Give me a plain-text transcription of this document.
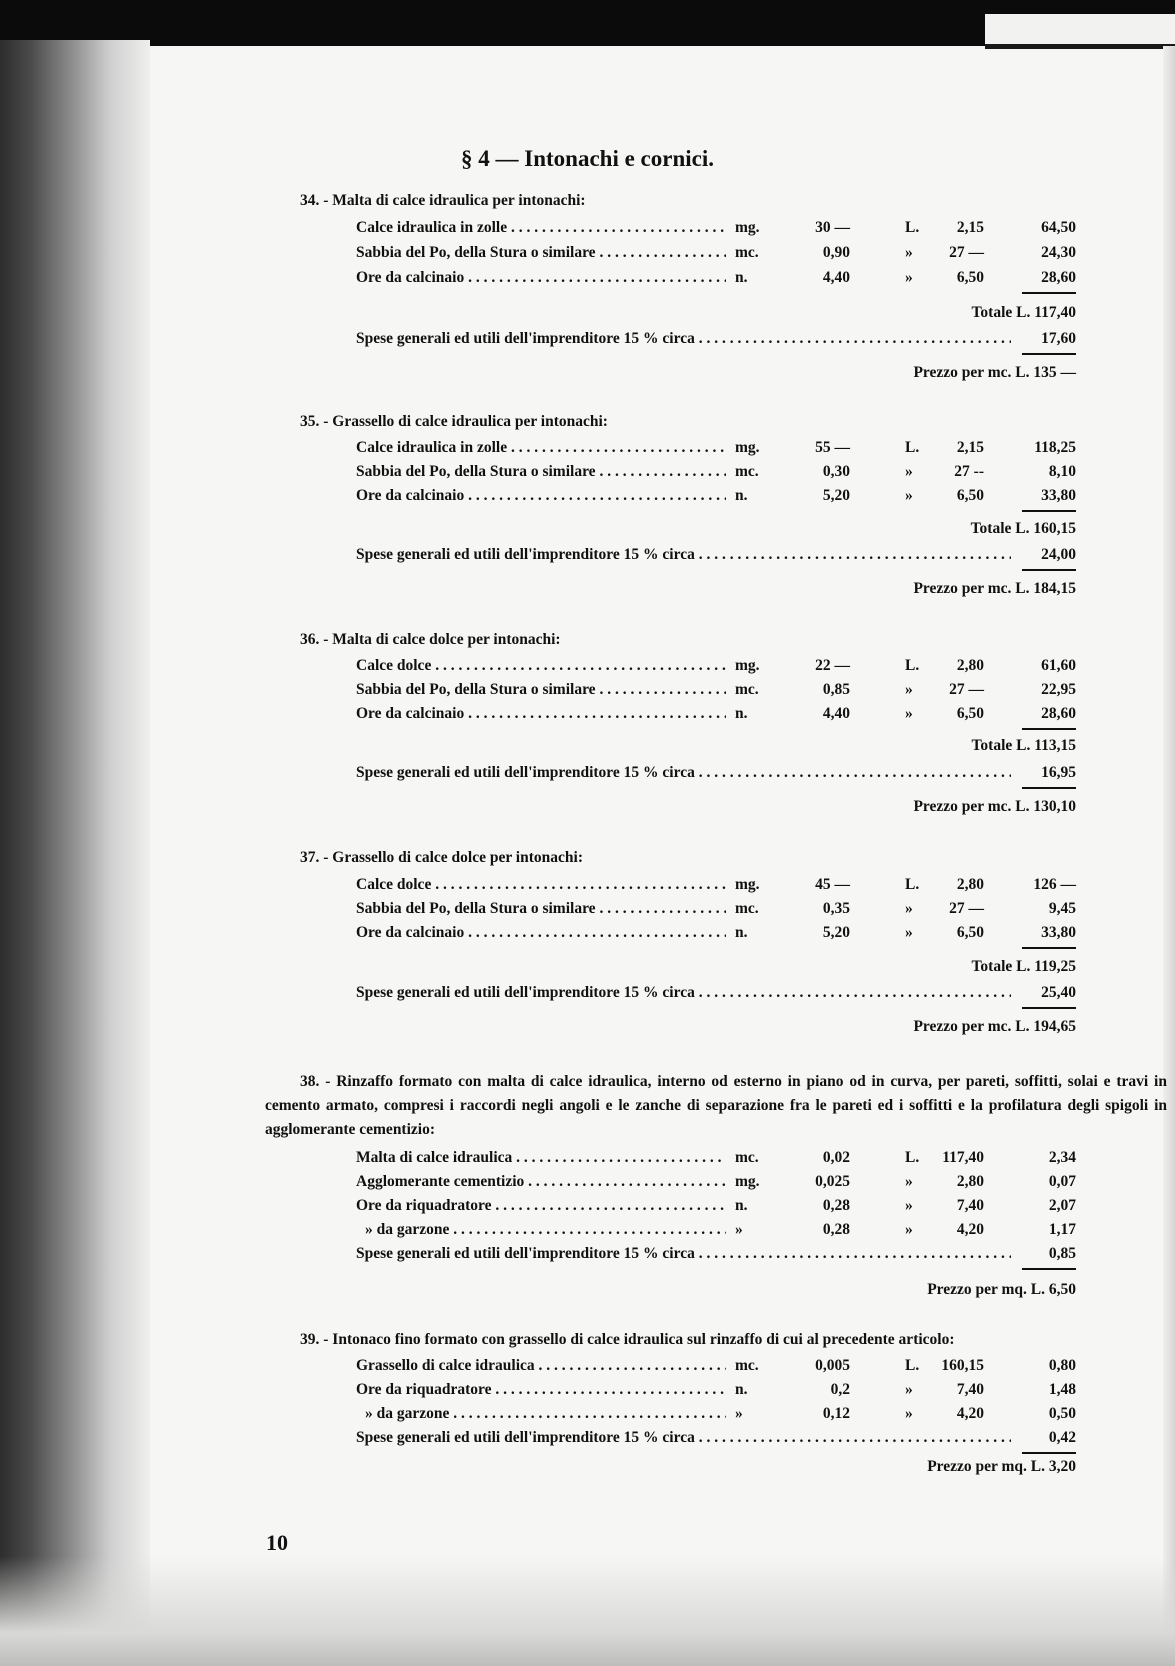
§ 4 — Intonachi e cornici.
34. - Malta di calce idraulica per intonachi:
Calce idraulica in zolle . . .	mg.	30 —	L.	2,15	64,50
Sabbia del Po, della Stura o similare . . .	mc.	0,90	»	27 —	24,30
Ore da calcinaio . . .	n.	4,40	»	6,50	28,60
Totale L. 117,40
Spese generali ed utili dell'imprenditore 15 % circa . . .	17,60
Prezzo per mc. L. 135 —
35. - Grassello di calce idraulica per intonachi:
Calce idraulica in zolle . . .	mg.	55 —	L.	2,15	118,25
Sabbia del Po, della Stura o similare . . .	mc.	0,30	»	27 --	8,10
Ore da calcinaio . . .	n.	5,20	»	6,50	33,80
Totale L. 160,15
Spese generali ed utili dell'imprenditore 15 % circa . . .	24,00
Prezzo per mc. L. 184,15
36. - Malta di calce dolce per intonachi:
Calce dolce . . .	mg.	22 —	L.	2,80	61,60
Sabbia del Po, della Stura o similare . . .	mc.	0,85	»	27 —	22,95
Ore da calcinaio . . .	n.	4,40	»	6,50	28,60
Totale L. 113,15
Spese generali ed utili dell'imprenditore 15 % circa . . .	16,95
Prezzo per mc. L. 130,10
37. - Grassello di calce dolce per intonachi:
Calce dolce . . .	mg.	45 —	L.	2,80	126 —
Sabbia del Po, della Stura o similare . . .	mc.	0,35	»	27 —	9,45
Ore da calcinaio . . .	n.	5,20	»	6,50	33,80
Totale L. 119,25
Spese generali ed utili dell'imprenditore 15 % circa . . .	25,40
Prezzo per mc. L. 194,65
38. - Rinzaffo formato con malta di calce idraulica, interno od esterno in piano od in curva, per pareti, soffitti, solai e travi in cemento armato, compresi i raccordi negli angoli e le zanche di separazione fra le pareti ed i soffitti e la profilatura degli spigoli in agglomerante cementizio:
Malta di calce idraulica . . .	mc.	0,02	L.	117,40	2,34
Agglomerante cementizio . . .	mg.	0,025	»	2,80	0,07
Ore da riquadratore . . .	n.	0,28	»	7,40	2,07
» da garzone . . .	»	0,28	»	4,20	1,17
Spese generali ed utili dell'imprenditore 15 % circa . . .	0,85
Prezzo per mq. L. 6,50
39. - Intonaco fino formato con grassello di calce idraulica sul rinzaffo di cui al precedente articolo:
Grassello di calce idraulica . . .	mc.	0,005	L.	160,15	0,80
Ore da riquadratore . . .	n.	0,2	»	7,40	1,48
» da garzone . . .	»	0,12	»	4,20	0,50
Spese generali ed utili dell'imprenditore 15 % circa . . .	0,42
Prezzo per mq. L. 3,20
10
